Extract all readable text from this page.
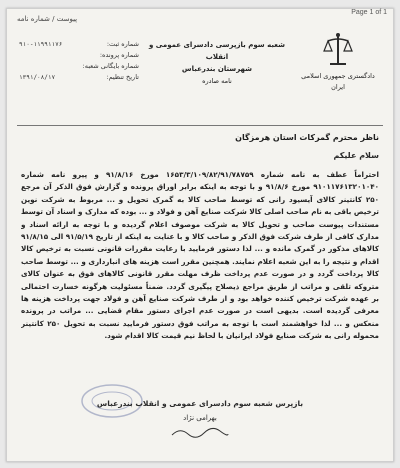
Page 1 of 1
پیوست / شماره نامه
شماره ثبت:
۹۱۰-۱۱۹۹۱۱۷۶
شماره پرونده:
شماره بایگانی شعبه:
تاریخ تنظیم:
۱۳۹۱/۰۸/۱۷
شعبه سوم بازپرسی دادسرای عمومی و انقلاب
شهرستان بندرعباس
نامه صادره
دادگستری جمهوری اسلامی
ایران
ناظر محترم گمرکات استان هرمزگان
سلام علیکم
احتراماً عطف به نامه شماره ۱۶۵۳/۳/۱۰۹/۸۲/۹۱/۷۸۷۵۹ مورخ ۹۱/۸/۱۶ و پیرو نامه شماره ۹۱۰۱۱۷۶۱۳۲۰۱۰۴۰ مورخ ۹۱/۸/۶ و با توجه به اینکه برابر اوراق پرونده و گزارش فوق الذکر آن مرجع ۲۵۰ کانتینر کالای آیسیود رانی که توسط صاحب کالا به گمرک تحویل و ... مربوط به شرکت نوین ترخیص باقی به نام صاحب اصلی کالا شرکت صنایع آهن و فولاد و ... بوده که مدارک و اسناد آن توسط مستندات پیوست صاحب و تحویل کالا به شرکت موصوف اعلام گردیده و با توجه به ارائه اسناد و مدارک کافی از طرف شرکت فوق الذکر و صاحب کالا و با عنایت به اینکه از تاریخ ۹۱/۵/۱۹ الی ۹۱/۸/۱۵ کالاهای مذکور در گمرک مانده و ... لذا دستور فرمایید با رعایت مقررات قانونی نسبت به ترخیص کالا اقدام و نتیجه را به این شعبه اعلام نمایند. همچنین مقرر است هزینه های انبارداری و ... توسط صاحب کالا پرداخت گردد و در صورت عدم پرداخت ظرف مهلت مقرر قانونی کالاهای فوق به عنوان کالای متروکه تلقی و مراتب از طریق مراجع ذیصلاح پیگیری گردد. ضمناً مسئولیت هرگونه خسارت احتمالی بر عهده شرکت ترخیص کننده خواهد بود و از طرف شرکت صنایع آهن و فولاد جهت پرداخت هزینه ها معرفی گردیده است. بدیهی است در صورت عدم اجرای دستور مقام قضایی ... مراتب در پرونده منعکس و ... لذا خواهشمند است با توجه به مراتب فوق دستور فرمایید نسبت به تحویل ۲۵۰ کانتینر محموله رانی به شرکت صنایع فولاد ایرانیان با لحاظ نیم قیمت کالا اقدام شود.
بازپرس شعبه سوم دادسرای عمومی و انقلاب بندرعباس
بهرامی نژاد
